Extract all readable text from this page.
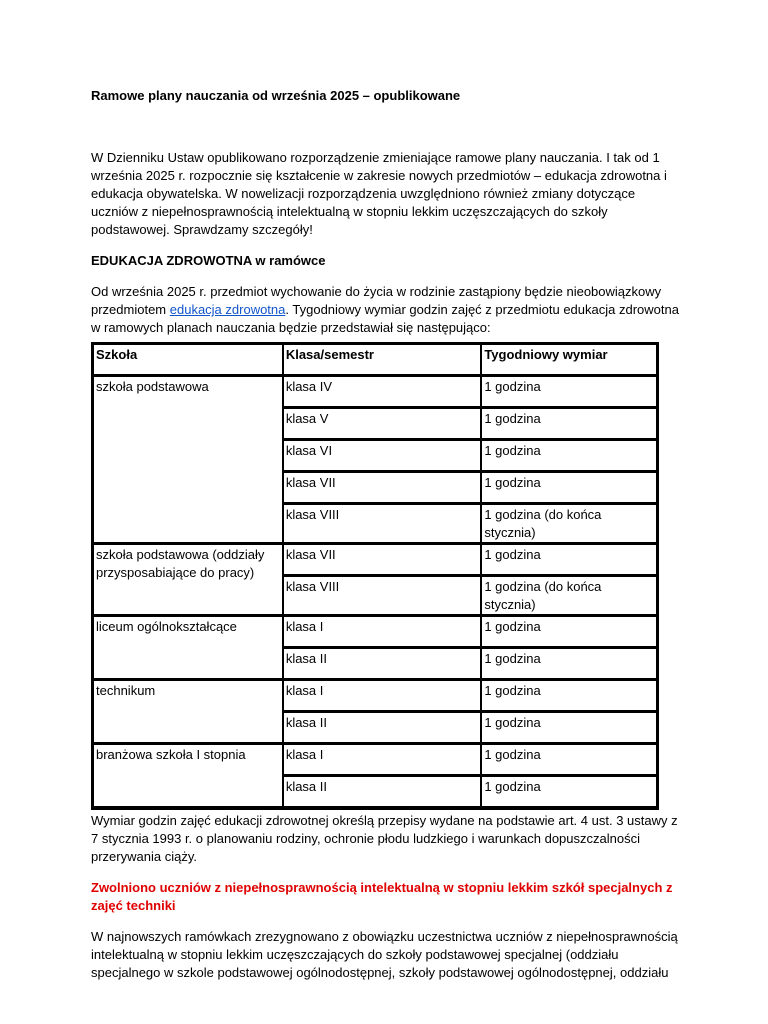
Ramowe plany nauczania od września 2025 – opublikowane

W Dzienniku Ustaw opublikowano rozporządzenie zmieniające ramowe plany nauczania. I tak od 1 września 2025 r. rozpocznie się kształcenie w zakresie nowych przedmiotów – edukacja zdrowotna i edukacja obywatelska. W nowelizacji rozporządzenia uwzględniono również zmiany dotyczące uczniów z niepełnosprawnością intelektualną w stopniu lekkim uczęszczających do szkoły podstawowej. Sprawdzamy szczegóły!

EDUKACJA ZDROWOTNA w ramówce

Od września 2025 r. przedmiot wychowanie do życia w rodzinie zastąpiony będzie nieobowiązkowy przedmiotem edukacja zdrowotna. Tygodniowy wymiar godzin zajęć z przedmiotu edukacja zdrowotna w ramowych planach nauczania będzie przedstawiał się następująco:

Szkoła	Klasa/semestr	Tygodniowy wymiar
szkoła podstawowa	klasa IV	1 godzina
	klasa V	1 godzina
	klasa VI	1 godzina
	klasa VII	1 godzina
	klasa VIII	1 godzina (do końca stycznia)
szkoła podstawowa (oddziały przysposabiające do pracy)	klasa VII	1 godzina
	klasa VIII	1 godzina (do końca stycznia)
liceum ogólnokształcące	klasa I	1 godzina
	klasa II	1 godzina
technikum	klasa I	1 godzina
	klasa II	1 godzina
branżowa szkoła I stopnia	klasa I	1 godzina
	klasa II	1 godzina

Wymiar godzin zajęć edukacji zdrowotnej określą przepisy wydane na podstawie art. 4 ust. 3 ustawy z 7 stycznia 1993 r. o planowaniu rodziny, ochronie płodu ludzkiego i warunkach dopuszczalności przerywania ciąży.

Zwolniono uczniów z niepełnosprawnością intelektualną w stopniu lekkim szkół specjalnych z zajęć techniki

W najnowszych ramówkach zrezygnowano z obowiązku uczestnictwa uczniów z niepełnosprawnością intelektualną w stopniu lekkim uczęszczających do szkoły podstawowej specjalnej (oddziału specjalnego w szkole podstawowej ogólnodostępnej, szkoły podstawowej ogólnodostępnej, oddziału
